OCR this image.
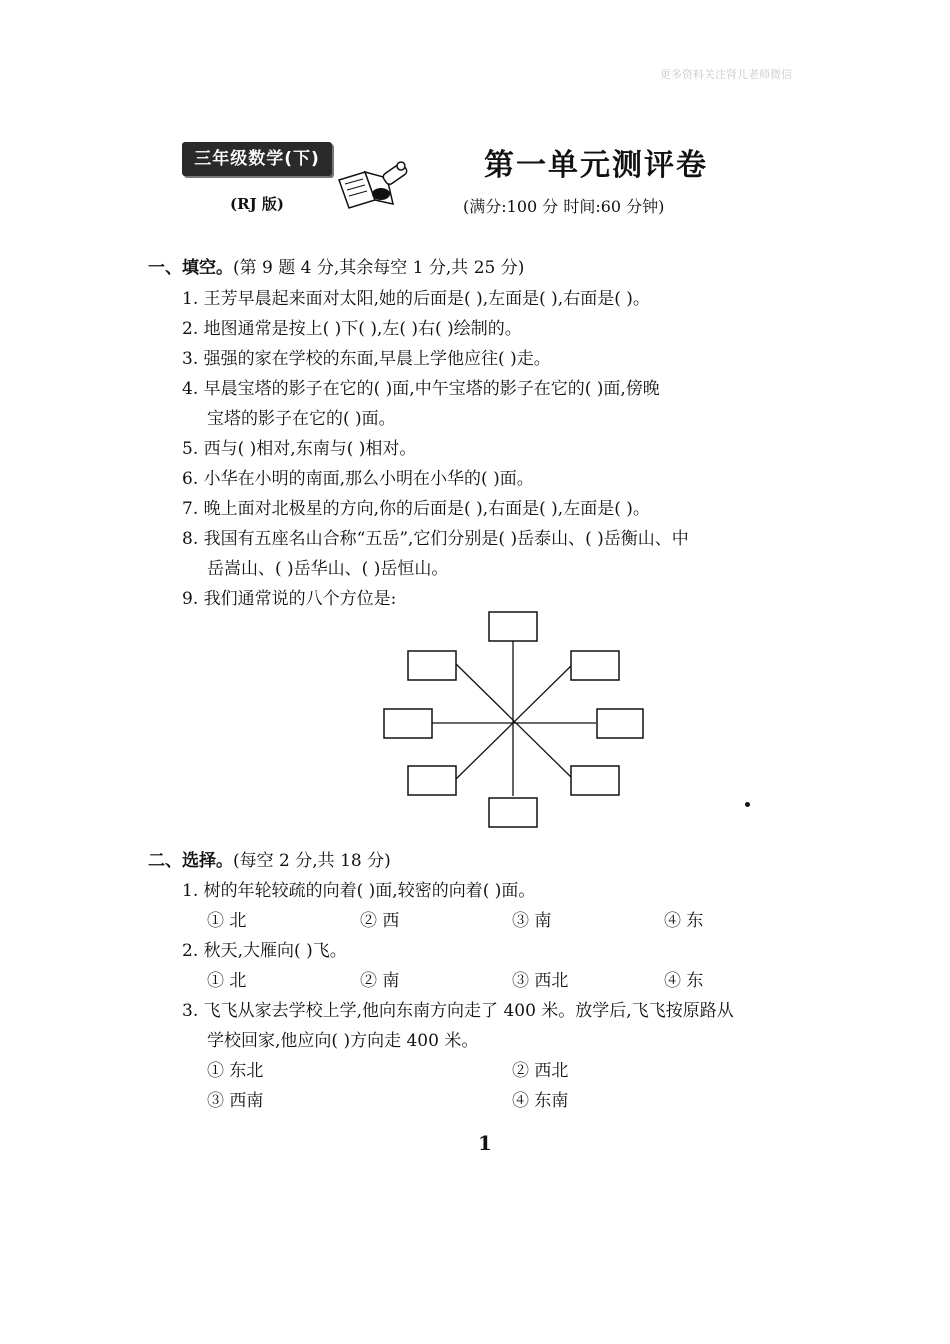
更多资料关注肾儿老师微信
三年级数学(下)
(RJ 版)
第一单元测评卷
(满分:100 分 时间:60 分钟)
一、填空。(第 9 题 4 分,其余每空 1 分,共 25 分)
1. 王芳早晨起来面对太阳,她的后面是( ),左面是( ),右面是( )。
2. 地图通常是按上( )下( ),左( )右( )绘制的。
3. 强强的家在学校的东面,早晨上学他应往( )走。
4. 早晨宝塔的影子在它的( )面,中午宝塔的影子在它的( )面,傍晚
宝塔的影子在它的( )面。
5. 西与( )相对,东南与( )相对。
6. 小华在小明的南面,那么小明在小华的( )面。
7. 晚上面对北极星的方向,你的后面是( ),右面是( ),左面是( )。
8. 我国有五座名山合称“五岳”,它们分别是( )岳泰山、( )岳衡山、中
岳嵩山、( )岳华山、( )岳恒山。
9. 我们通常说的八个方位是:
二、选择。(每空 2 分,共 18 分)
1. 树的年轮较疏的向着( )面,较密的向着( )面。
① 北	② 西	③ 南	④ 东
2. 秋天,大雁向( )飞。
① 北	② 南	③ 西北	④ 东
3. 飞飞从家去学校上学,他向东南方向走了 400 米。放学后,飞飞按原路从
学校回家,他应向( )方向走 400 米。
① 东北	② 西北
③ 西南	④ 东南
1
